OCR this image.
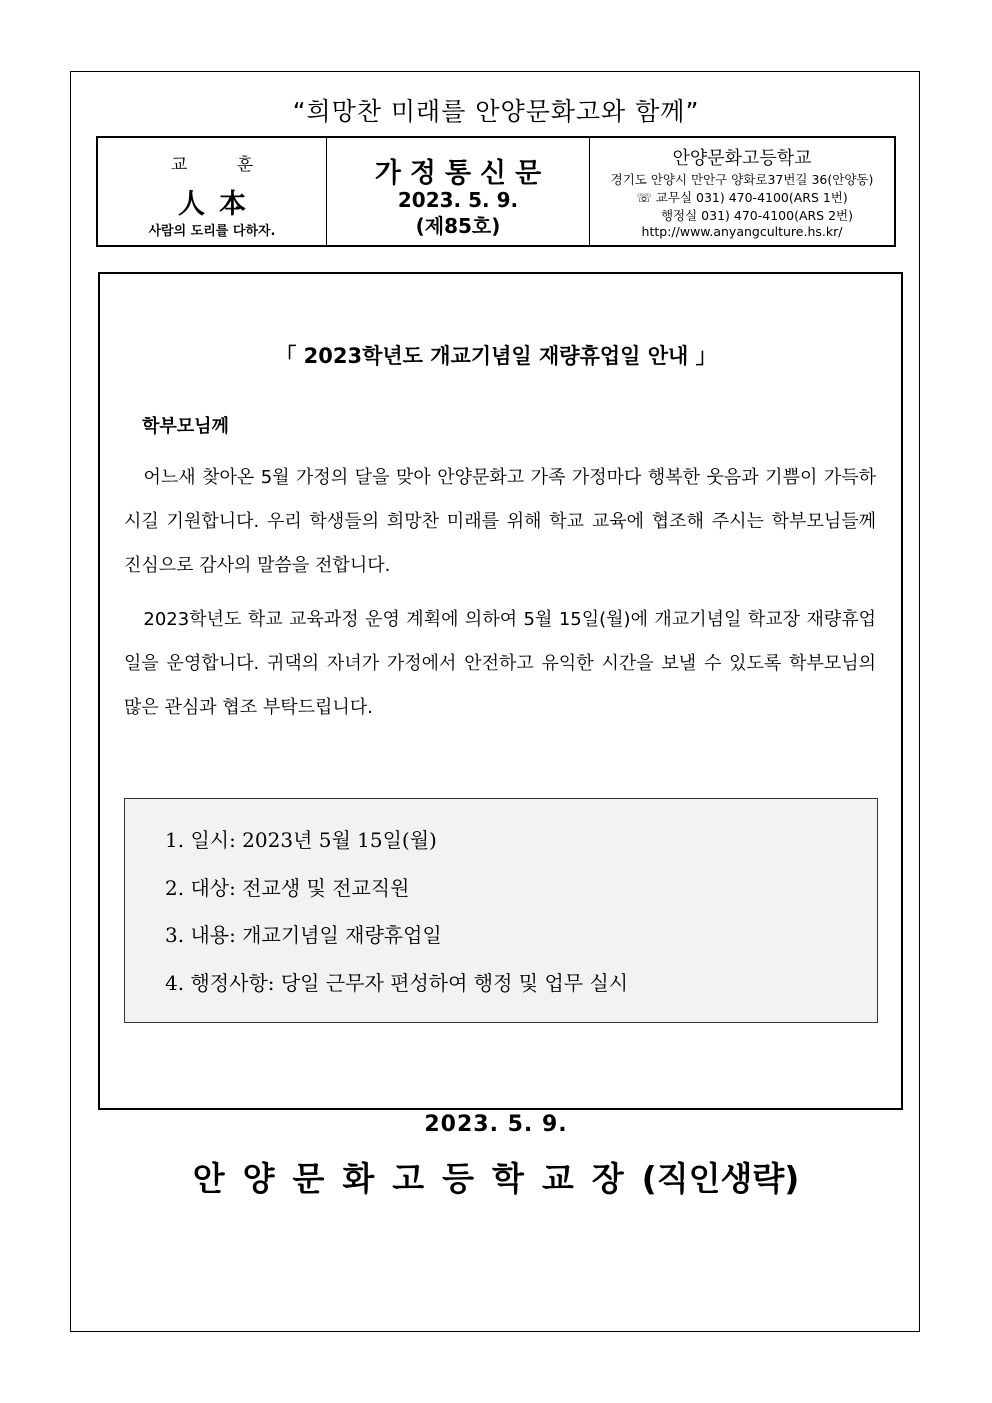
“희망찬 미래를 안양문화고와 함께”
교 훈
人本
사람의 도리를 다하자.
가정통신문
2023. 5. 9.
(제85호)
안양문화고등학교
경기도 안양시 만안구 양화로37번길 36(안양동)
☏ 교무실 031) 470-4100(ARS 1번)
행정실 031) 470-4100(ARS 2번)
http://www.anyangculture.hs.kr/
「 2023학년도 개교기념일 재량휴업일 안내 」
학부모님께
어느새 찾아온 5월 가정의 달을 맞아 안양문화고 가족 가정마다 행복한 웃음과 기쁨이 가득하시길 기원합니다. 우리 학생들의 희망찬 미래를 위해 학교 교육에 협조해 주시는 학부모님들께 진심으로 감사의 말씀을 전합니다.
2023학년도 학교 교육과정 운영 계획에 의하여 5월 15일(월)에 개교기념일 학교장 재량휴업일을 운영합니다. 귀댁의 자녀가 가정에서 안전하고 유익한 시간을 보낼 수 있도록 학부모님의 많은 관심과 협조 부탁드립니다.
1. 일시: 2023년 5월 15일(월)
2. 대상: 전교생 및 전교직원
3. 내용: 개교기념일 재량휴업일
4. 행정사항: 당일 근무자 편성하여 행정 및 업무 실시
2023. 5. 9.
안양문화고등학교장(직인생략)
